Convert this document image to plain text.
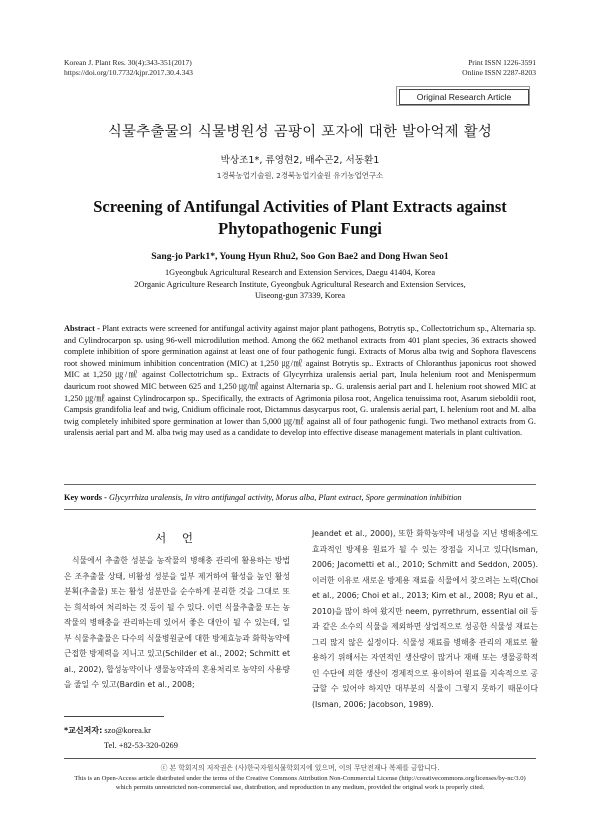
Korean J. Plant Res. 30(4):343-351(2017)
https://doi.org/10.7732/kjpr.2017.30.4.343
Print ISSN 1226-3591
Online ISSN 2287-8203
Original Research Article
식물추출물의 식물병원성 곰팡이 포자에 대한 발아억제 활성
박상조1*, 류영현2, 배수곤2, 서동환1
1경북농업기술원, 2경북농업기술원 유기농업연구소
Screening of Antifungal Activities of Plant Extracts against
Phytopathogenic Fungi
Sang-jo Park1*, Young Hyun Rhu2, Soo Gon Bae2 and Dong Hwan Seo1
1Gyeongbuk Agricultural Research and Extension Services, Daegu 41404, Korea
2Organic Agriculture Research Institute, Gyeongbuk Agricultural Research and Extension Services,
Uiseong-gun 37339, Korea
Abstract - Plant extracts were screened for antifungal activity against major plant pathogens, Botrytis sp., Collectotrichum sp., Alternaria sp. and Cylindrocarpon sp. using 96-well microdilution method. Among the 662 methanol extracts from 401 plant species, 36 extracts showed complete inhibition of spore germination against at least one of four pathogenic fungi. Extracts of Morus alba twig and Sophora flavescens root showed minimum inhibition concentration (MIC) at 1,250 ㎍/㎖ against Botrytis sp.. Extracts of Chloranthus japonicus root showed MIC at 1,250 ㎍/㎖ against Collectotrichum sp.. Extracts of Glycyrrhiza uralensis aerial part, Inula helenium root and Menispermum dauricum root showed MIC between 625 and 1,250 ㎍/㎖ against Alternaria sp.. G. uralensis aerial part and I. helenium root showed MIC at 1,250 ㎍/㎖ against Cylindrocarpon sp.. Specifically, the extracts of Agrimonia pilosa root, Angelica tenuissima root, Asarum sieboldii root, Campsis grandifolia leaf and twig, Cnidium officinale root, Dictamnus dasycarpus root, G. uralensis aerial part, I. helenium root and M. alba twig completely inhibited spore germination at lower than 5,000 ㎍/㎖ against all of four pathogenic fungi. Two methanol extracts from G. uralensis aerial part and M. alba twig may used as a candidate to develop into effective disease management materials in plant cultivation.
Key words - Glycyrrhiza uralensis, In vitro antifungal activity, Morus alba, Plant extract, Spore germination inhibition
서 언
식물에서 추출한 성분을 농작물의 병해충 관리에 활용하는 방법은 조추출물 상태, 비활성 성분을 일부 제거하여 활성을 높인 활성분획(추출물) 또는 활성 성분만을 순수하게 분리한 것을 그대로 또는 희석하여 처리하는 것 등이 될 수 있다. 이런 식물추출물 또는 농작물의 병해충을 관리하는데 있어서 좋은 대안이 될 수 있는데, 일부 식물추출물은 다수의 식물병원균에 대한 방제효능과 화학농약에 근접한 방제력을 지니고 있고(Schilder et al., 2002; Schmitt et al., 2002), 합성농약이나 생물농약과의 혼용처리로 농약의 사용량을 줄일 수 있고(Bardin et al., 2008;
Jeandet et al., 2000), 또한 화학농약에 내성을 지닌 병해충에도 효과적인 방제용 원료가 될 수 있는 장점을 지니고 있다(Isman, 2006; Jacometti et al., 2010; Schmitt and Seddon, 2005). 이러한 이유로 새로운 방제용 재료를 식물에서 찾으려는 노력(Choi et al., 2006; Choi et al., 2013; Kim et al., 2008; Ryu et al., 2010)을 많이 하여 왔지만 neem, pyrrethrum, essential oil 등과 같은 소수의 식물을 제외하면 상업적으로 성공한 식물성 재료는 그리 많지 않은 실정이다. 식물성 재료를 병해충 관리의 재료로 활용하기 위해서는 자연적인 생산량이 많거나 재배 또는 생물공학적인 수단에 의한 생산이 경제적으로 용이하여 원료를 지속적으로 공급할 수 있어야 하지만 대부분의 식물이 그렇지 못하기 때문이다(Isman, 2006; Jacobson, 1989).
*교신저자: szo@korea.kr
Tel. +82-53-320-0269
ⓒ 본 학회지의 저작권은 (사)한국자원식물학회지에 있으며, 이의 무단전재나 복제를 금합니다.
This is an Open-Access article distributed under the terms of the Creative Commons Attribution Non-Commercial License (http://creativecommons.org/licenses/by-nc/3.0)
which permits unrestricted non-commercial use, distribution, and reproduction in any medium, provided the original work is properly cited.
